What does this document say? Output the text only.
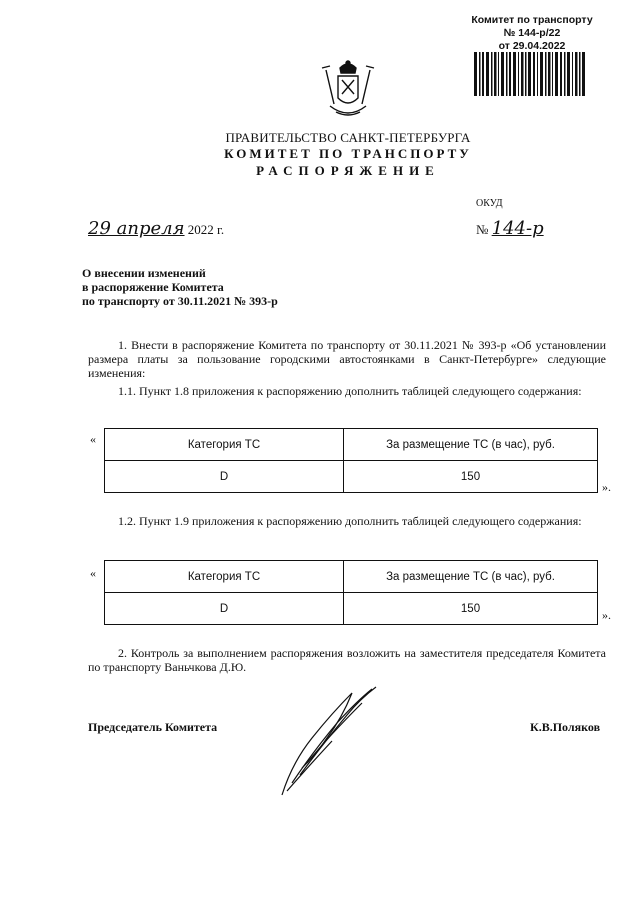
Комитет по транспорту
№ 144-р/22
от 29.04.2022
ПРАВИТЕЛЬСТВО САНКТ-ПЕТЕРБУРГА
КОМИТЕТ ПО ТРАНСПОРТУ
РАСПОРЯЖЕНИЕ
ОКУД
29 апреля 2022 г.	№ 144-р
О внесении изменений
в распоряжение Комитета
по транспорту от 30.11.2021 № 393-р
1. Внести в распоряжение Комитета по транспорту от 30.11.2021 № 393-р «Об установлении размера платы за пользование городскими автостоянками в Санкт-Петербурге» следующие изменения:
1.1. Пункт 1.8 приложения к распоряжению дополнить таблицей следующего содержания:
«	Категория ТС	За размещение ТС (в час), руб.
D	150
».
1.2. Пункт 1.9 приложения к распоряжению дополнить таблицей следующего содержания:
«	Категория ТС	За размещение ТС (в час), руб.
D	150	».
2. Контроль за выполнением распоряжения возложить на заместителя председателя Комитета по транспорту Ваньчкова Д.Ю.
Председатель Комитета	К.В.Поляков
